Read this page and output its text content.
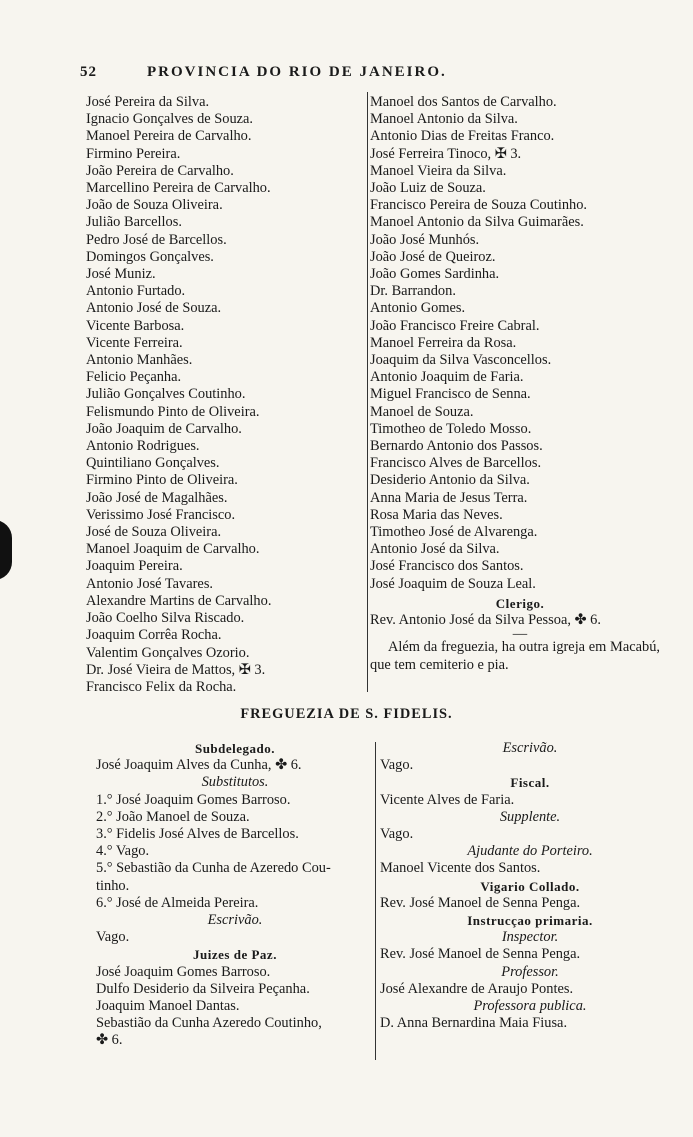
52	PROVINCIA DO RIO DE JANEIRO.
José Pereira da Silva.
Ignacio Gonçalves de Souza.
Manoel Pereira de Carvalho.
Firmino Pereira.
João Pereira de Carvalho.
Marcellino Pereira de Carvalho.
João de Souza Oliveira.
Julião Barcellos.
Pedro José de Barcellos.
Domingos Gonçalves.
José Muniz.
Antonio Furtado.
Antonio José de Souza.
Vicente Barbosa.
Vicente Ferreira.
Antonio Manhães.
Felicio Peçanha.
Julião Gonçalves Coutinho.
Felismundo Pinto de Oliveira.
João Joaquim de Carvalho.
Antonio Rodrigues.
Quintiliano Gonçalves.
Firmino Pinto de Oliveira.
João José de Magalhães.
Verissimo José Francisco.
José de Souza Oliveira.
Manoel Joaquim de Carvalho.
Joaquim Pereira.
Antonio José Tavares.
Alexandre Martins de Carvalho.
João Coelho Silva Riscado.
Joaquim Corrêa Rocha.
Valentim Gonçalves Ozorio.
Dr. José Vieira de Mattos, ✠ 3.
Francisco Felix da Rocha.
Manoel dos Santos de Carvalho.
Manoel Antonio da Silva.
Antonio Dias de Freitas Franco.
José Ferreira Tinoco, ✠ 3.
Manoel Vieira da Silva.
João Luiz de Souza.
Francisco Pereira de Souza Coutinho.
Manoel Antonio da Silva Guimarães.
João José Munhós.
João José de Queiroz.
João Gomes Sardinha.
Dr. Barrandon.
Antonio Gomes.
João Francisco Freire Cabral.
Manoel Ferreira da Rosa.
Joaquim da Silva Vasconcellos.
Antonio Joaquim de Faria.
Miguel Francisco de Senna.
Manoel de Souza.
Timotheo de Toledo Mosso.
Bernardo Antonio dos Passos.
Francisco Alves de Barcellos.
Desiderio Antonio da Silva.
Anna Maria de Jesus Terra.
Rosa Maria das Neves.
Timotheo José de Alvarenga.
Antonio José da Silva.
José Francisco dos Santos.
José Joaquim de Souza Leal.
Clerigo.
Rev. Antonio José da Silva Pessoa, ✤ 6.
—
Além da freguezia, ha outra igreja em Macabú, que tem cemiterio e pia.
FREGUEZIA DE S. FIDELIS.
Subdelegado.
José Joaquim Alves da Cunha, ✤ 6.
Substitutos.
1.° José Joaquim Gomes Barroso.
2.° João Manoel de Souza.
3.° Fidelis José Alves de Barcellos.
4.° Vago.
5.° Sebastião da Cunha de Azeredo Cou-
tinho.
6.° José de Almeida Pereira.
Escrivão.
Vago.
Juizes de Paz.
José Joaquim Gomes Barroso.
Dulfo Desiderio da Silveira Peçanha.
Joaquim Manoel Dantas.
Sebastião da Cunha Azeredo Coutinho,
✤ 6.
Escrivão.
Vago.
Fiscal.
Vicente Alves de Faria.
Supplente.
Vago.
Ajudante do Porteiro.
Manoel Vicente dos Santos.
Vigario Collado.
Rev. José Manoel de Senna Penga.
Instrucçao primaria.
Inspector.
Rev. José Manoel de Senna Penga.
Professor.
José Alexandre de Araujo Pontes.
Professora publica.
D. Anna Bernardina Maia Fiusa.
